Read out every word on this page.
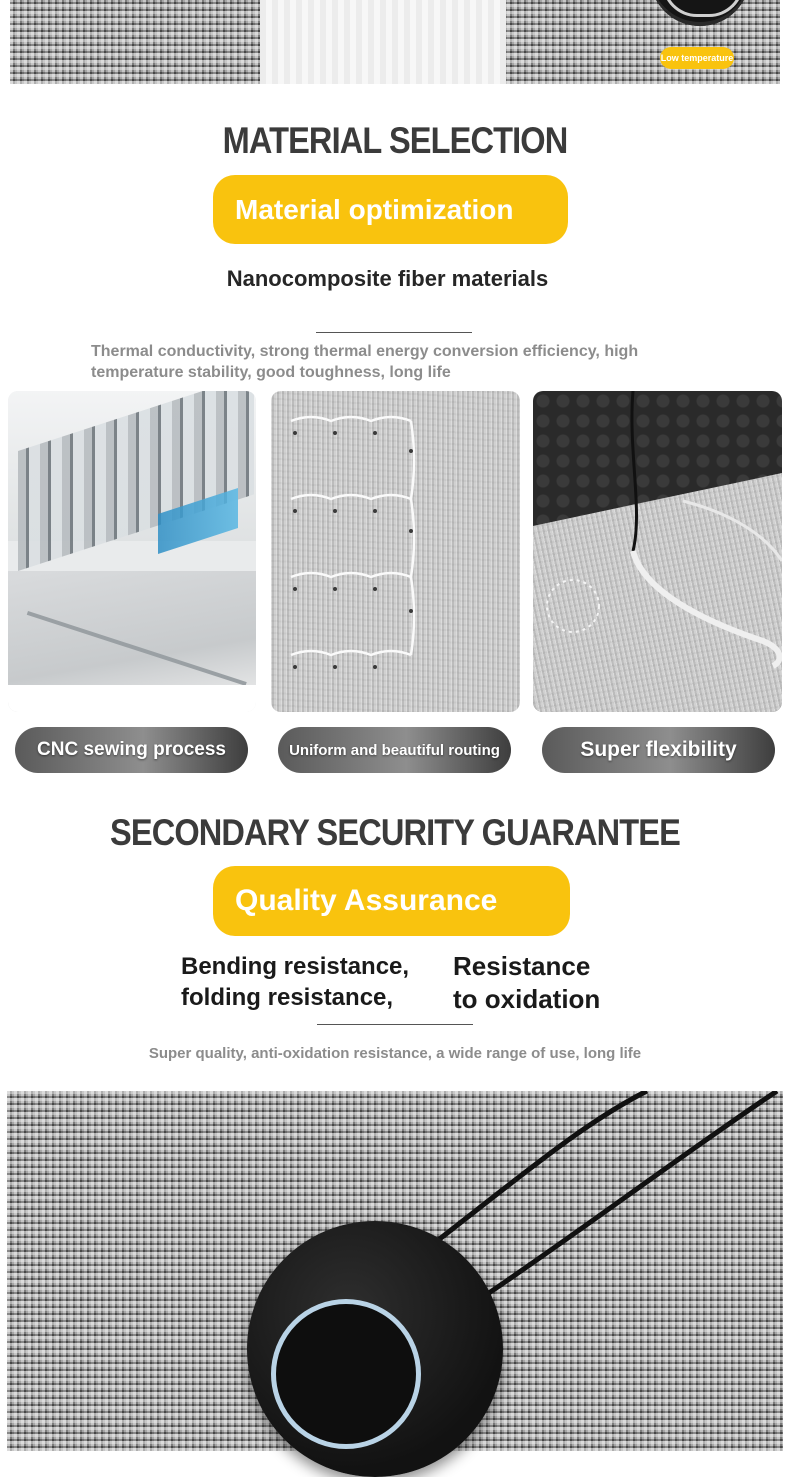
Low temperature
MATERIAL SELECTION
Material optimization
Nanocomposite fiber materials
Thermal conductivity, strong thermal energy conversion efficiency, high temperature stability, good toughness, long life
CNC sewing process	Uniform and beautiful routing	Super flexibility
SECONDARY SECURITY GUARANTEE
Quality Assurance
Bending resistance,
folding resistance,
Resistance
to oxidation
Super quality, anti-oxidation resistance, a wide range of use, long life
